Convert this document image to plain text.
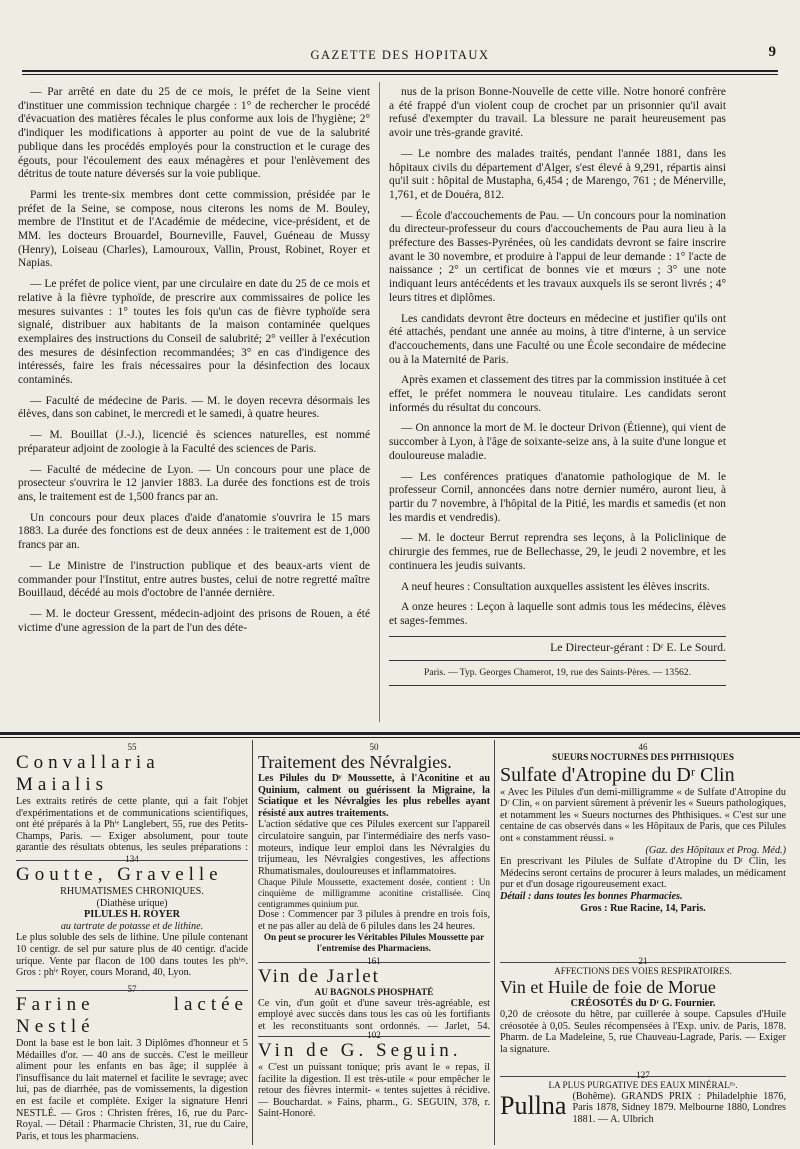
GAZETTE DES HOPITAUX	9

— Par arrêté en date du 25 de ce mois, le préfet de la Seine vient d'instituer une commission technique chargée : 1° de rechercher le procédé d'évacuation des matières fécales le plus conforme aux lois de l'hygiène; 2° d'indiquer les modifications à apporter au point de vue de la salubrité publique dans les procédés employés pour la construction et le curage des égouts, pour l'écoulement des eaux ménagères et pour l'enlèvement des détritus de toute nature déversés sur la voie publique.

Parmi les trente-six membres dont cette commission, présidée par le préfet de la Seine, se compose, nous citerons les noms de M. Bouley, membre de l'Institut et de l'Académie de médecine, vice-président, et de MM. les docteurs Brouardel, Bourneville, Fauvel, Guéneau de Mussy (Henry), Loiseau (Charles), Lamouroux, Vallin, Proust, Robinet, Royer et Napias.

— Le préfet de police vient, par une circulaire en date du 25 de ce mois et relative à la fièvre typhoïde, de prescrire aux commissaires de police les mesures suivantes : 1° toutes les fois qu'un cas de fièvre typhoïde sera signalé, distribuer aux habitants de la maison contaminée quelques exemplaires des instructions du Conseil de salubrité; 2° veiller à l'exécution des mesures de désinfection recommandées; 3° en cas d'indigence des intéressés, faire les frais nécessaires pour la désinfection des locaux contaminés.

— Faculté de médecine de Paris. — M. le doyen recevra désormais les élèves, dans son cabinet, le mercredi et le samedi, à quatre heures.

— M. Bouillat (J.-J.), licencié ès sciences naturelles, est nommé préparateur adjoint de zoologie à la Faculté des sciences de Paris.

— Faculté de médecine de Lyon. — Un concours pour une place de prosecteur s'ouvrira le 12 janvier 1883. La durée des fonctions est de trois ans, le traitement est de 1,500 francs par an.

Un concours pour deux places d'aide d'anatomie s'ouvrira le 15 mars 1883. La durée des fonctions est de deux années : le traitement est de 1,000 francs par an.

— Le Ministre de l'instruction publique et des beaux-arts vient de commander pour l'Institut, entre autres bustes, celui de notre regretté maître Bouillaud, décédé au mois d'octobre de l'année dernière.

— M. le docteur Gressent, médecin-adjoint des prisons de Rouen, a été victime d'une agression de la part de l'un des déte-

nus de la prison Bonne-Nouvelle de cette ville. Notre honoré confrère a été frappé d'un violent coup de crochet par un prisonnier qu'il avait refusé d'exempter du travail. La blessure ne parait heureusement pas avoir une très-grande gravité.

— Le nombre des malades traités, pendant l'année 1881, dans les hôpitaux civils du département d'Alger, s'est élevé à 9,291, répartis ainsi qu'il suit : hôpital de Mustapha, 6,454 ; de Marengo, 761 ; de Ménerville, 1,761, et de Douéra, 812.

— École d'accouchements de Pau. — Un concours pour la nomination du directeur-professeur du cours d'accouchements de Pau aura lieu à la préfecture des Basses-Pyrénées, où les candidats devront se faire inscrire avant le 30 novembre, et produire à l'appui de leur demande : 1° l'acte de naissance ; 2° un certificat de bonnes vie et mœurs ; 3° une note indiquant leurs antécédents et les travaux auxquels ils se seront livrés ; 4° leurs titres et diplômes.

Les candidats devront être docteurs en médecine et justifier qu'ils ont été attachés, pendant une année au moins, à titre d'interne, à un service d'accouchements, dans une Faculté ou une École secondaire de médecine ou à la Maternité de Paris.

Après examen et classement des titres par la commission instituée à cet effet, le préfet nommera le nouveau titulaire. Les candidats seront informés du résultat du concours.

— On annonce la mort de M. le docteur Drivon (Étienne), qui vient de succomber à Lyon, à l'âge de soixante-seize ans, à la suite d'une longue et douloureuse maladie.

— Les conférences pratiques d'anatomie pathologique de M. le professeur Cornil, annoncées dans notre dernier numéro, auront lieu, à partir du 7 novembre, à l'hôpital de la Pitié, les mardis et samedis (et non les mardis et vendredis).

— M. le docteur Berrut reprendra ses leçons, à la Policlinique de chirurgie des femmes, rue de Bellechasse, 29, le jeudi 2 novembre, et les continuera les jeudis suivants.

A neuf heures : Consultation auxquelles assistent les élèves inscrits.

A onze heures : Leçon à laquelle sont admis tous les médecins, élèves et sages-femmes.

Le Directeur-gérant : Dʳ E. Le Sourd.
Paris. — Typ. Georges Chamerot, 19, rue des Saints-Pères. — 13562.
55
Convallaria Maialis

Les extraits retirés de cette plante, qui a fait l'objet d'expérimentations et de communications scientifiques, ont été préparés à la Phⁱᵉ Langlebert, 55, rue des Petits-Champs, Paris. — Exiger absolument, pour toute garantie des résultats obtenus, les seules préparations :

134
Goutte, Gravelle
RHUMATISMES CHRONIQUES.
(Diathèse urique)
PILULES H. ROYER
au tartrate de potasse et de lithine.

Le plus soluble des sels de lithine. Une pilule contenant 10 centigr. de sel pur sature plus de 40 centigr. d'acide urique. Vente par flacon de 100 dans toutes les phⁱᵉˢ. Gros : phⁱᵉ Royer, cours Morand, 40, Lyon.

57
Farine lactée Nestlé

Dont la base est le bon lait. 3 Diplômes d'honneur et 5 Médailles d'or. — 40 ans de succès. C'est le meilleur aliment pour les enfants en bas âge; il supplée à l'insuffisance du lait maternel et facilite le sevrage; avec lui, pas de diarrhée, pas de vomissements, la digestion en est facile et complète. Exiger la signature Henri NESTLÉ. — Gros : Christen frères, 16, rue du Parc-Royal. — Détail : Pharmacie Christen, 31, rue du Caire, Paris, et tous les pharmaciens.

50
Traitement des Névralgies.

Les Pilules du Dʳ Moussette, à l'Aconitine et au Quinium, calment ou guérissent la Migraine, la Sciatique et les Névralgies les plus rebelles ayant résisté aux autres traitements.

L'action sédative que ces Pilules exercent sur l'appareil circulatoire sanguin, par l'intermédiaire des nerfs vaso-moteurs, indique leur emploi dans les Névralgies du trijumeau, les Névralgies congestives, les affections Rhumatismales, douloureuses et inflammatoires.

Chaque Pilule Moussette, exactement dosée, contient : Un cinquième de milligramme aconitine cristallisée. Cinq centigrammes quinium pur.

Dose : Commencer par 3 pilules à prendre en trois fois, et ne pas aller au delà de 6 pilules dans les 24 heures.

On peut se procurer les Véritables Pilules Moussette par l'entremise des Pharmaciens.

161
Vin de Jarlet
AU BAGNOLS PHOSPHATÉ

Ce vin, d'un goût et d'une saveur très-agréable, est employé avec succès dans tous les cas où les fortifiants et les reconstituants sont ordonnés. — Jarlet, 54.

102
Vin de G. Seguin.

« C'est un puissant tonique; pris avant le « repas, il facilite la digestion. Il est très-utile « pour empêcher le retour des fièvres intermit- « tentes sujettes à récidive. — Bouchardat. » Fains, pharm., G. SEGUIN, 378, r. Saint-Honoré.

46
SUEURS NOCTURNES DES PHTHISIQUES
Sulfate d'Atropine du Dʳ Clin

« Avec les Pilules d'un demi-milligramme « de Sulfate d'Atropine du Dʳ Clin, « on parvient sûrement à prévenir les « Sueurs pathologiques, et notamment les « Sueurs nocturnes des Phthisiques. « C'est sur une centaine de cas observés dans « les Hôpitaux de Paris, que ces Pilules ont « constamment réussi. »

(Gaz. des Hôpitaux et Prog. Méd.)

En prescrivant les Pilules de Sulfate d'Atropine du Dʳ Clin, les Médecins seront certains de procurer à leurs malades, un médicament pur et d'un dosage rigoureusement exact.

Détail : dans toutes les bonnes Pharmacies.

Gros : Rue Racine, 14, Paris.

21
AFFECTIONS DES VOIES RESPIRATOIRES.
Vin et Huile de foie de Morue
CRÉOSOTÉS du Dʳ G. Fournier.

0,20 de créosote du hêtre, par cuillerée à soupe. Capsules d'Huile créosotée à 0,05. Seules récompensées à l'Exp. univ. de Paris, 1878. Pharm. de La Madeleine, 5, rue Chauveau-Lagrade, Paris. — Exiger la signature.

127
LA PLUS PURGATIVE DES EAUX MINÉRALᴱˢ.
Pullna (Bohême). GRANDS PRIX : Philadelphie 1876, Paris 1878, Sidney 1879. Melbourne 1880, Londres 1881. — A. Ulbrich
